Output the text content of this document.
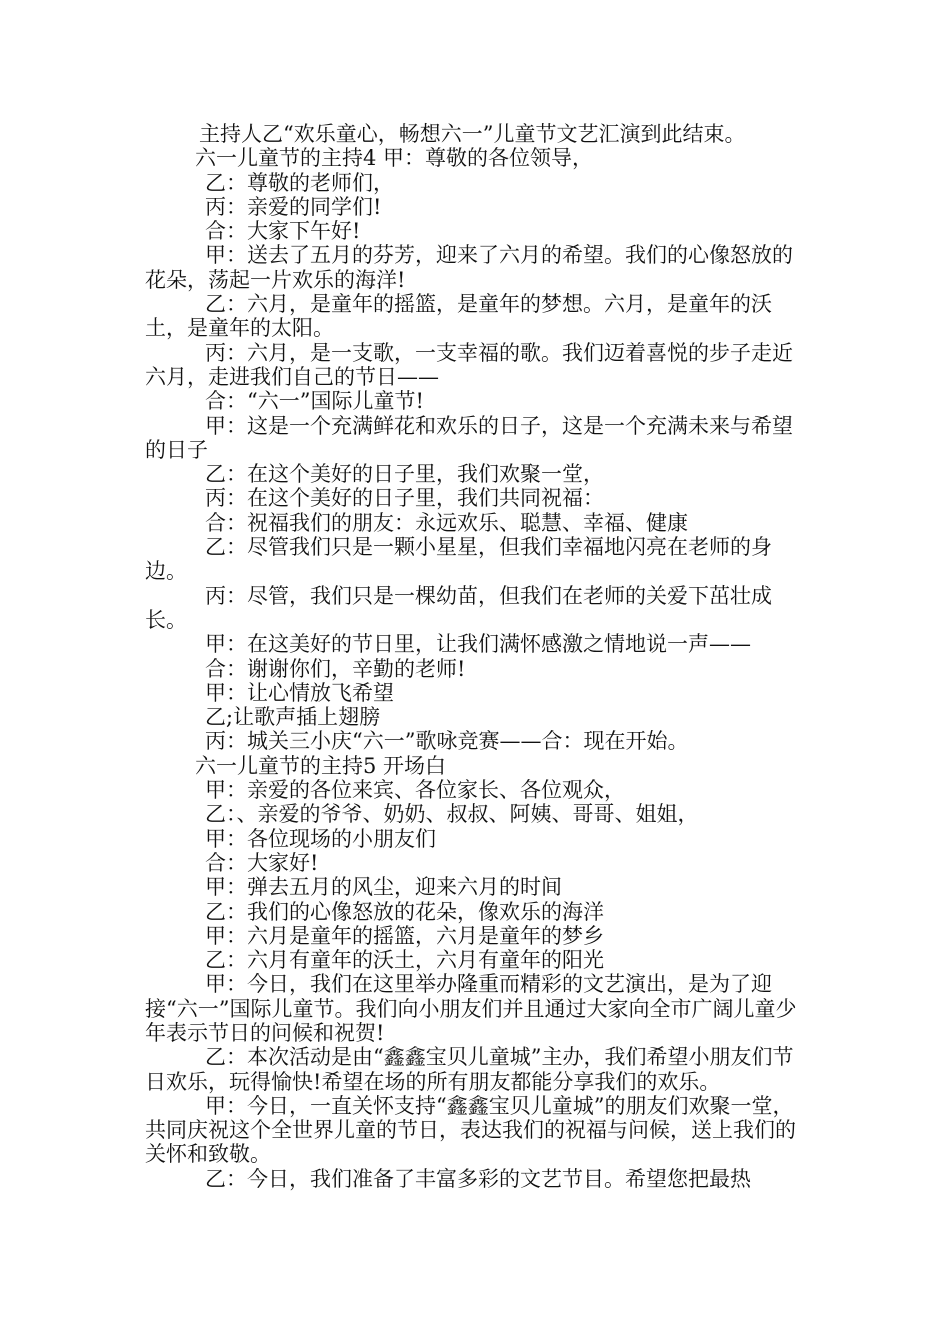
主持人乙“欢乐童心，畅想六一”儿童节文艺汇演到此结束。

六一儿童节的主持4 甲：尊敬的各位领导，

乙：尊敬的老师们，

丙：亲爱的同学们!

合：大家下午好!

甲：送去了五月的芬芳，迎来了六月的希望。我们的心像怒放的花朵，荡起一片欢乐的海洋!

乙：六月，是童年的摇篮，是童年的梦想。六月，是童年的沃土，是童年的太阳。

丙：六月，是一支歌，一支幸福的歌。我们迈着喜悦的步子走近六月，走进我们自己的节日——

合：“六一”国际儿童节!

甲：这是一个充满鲜花和欢乐的日子，这是一个充满未来与希望的日子

乙：在这个美好的日子里，我们欢聚一堂，

丙：在这个美好的日子里，我们共同祝福：

合：祝福我们的朋友：永远欢乐、聪慧、幸福、健康

乙：尽管我们只是一颗小星星，但我们幸福地闪亮在老师的身边。

丙：尽管，我们只是一棵幼苗，但我们在老师的关爱下茁壮成长。

甲：在这美好的节日里，让我们满怀感激之情地说一声——

合：谢谢你们，辛勤的老师!

甲：让心情放飞希望

乙;让歌声插上翅膀

丙：城关三小庆“六一”歌咏竞赛——合：现在开始。

六一儿童节的主持5 开场白

甲：亲爱的各位来宾、各位家长、各位观众，

乙：、亲爱的爷爷、奶奶、叔叔、阿姨、哥哥、姐姐，

甲：各位现场的小朋友们

合：大家好!

甲：弹去五月的风尘，迎来六月的时间

乙：我们的心像怒放的花朵，像欢乐的海洋

甲：六月是童年的摇篮，六月是童年的梦乡

乙：六月有童年的沃土，六月有童年的阳光

甲：今日，我们在这里举办隆重而精彩的文艺演出，是为了迎接“六一”国际儿童节。我们向小朋友们并且通过大家向全市广阔儿童少年表示节日的问候和祝贺!

乙：本次活动是由“鑫鑫宝贝儿童城”主办，我们希望小朋友们节日欢乐，玩得愉快!希望在场的所有朋友都能分享我们的欢乐。

甲：今日，一直关怀支持“鑫鑫宝贝儿童城”的朋友们欢聚一堂，共同庆祝这个全世界儿童的节日，表达我们的祝福与问候，送上我们的关怀和致敬。

乙：今日，我们准备了丰富多彩的文艺节目。希望您把最热
